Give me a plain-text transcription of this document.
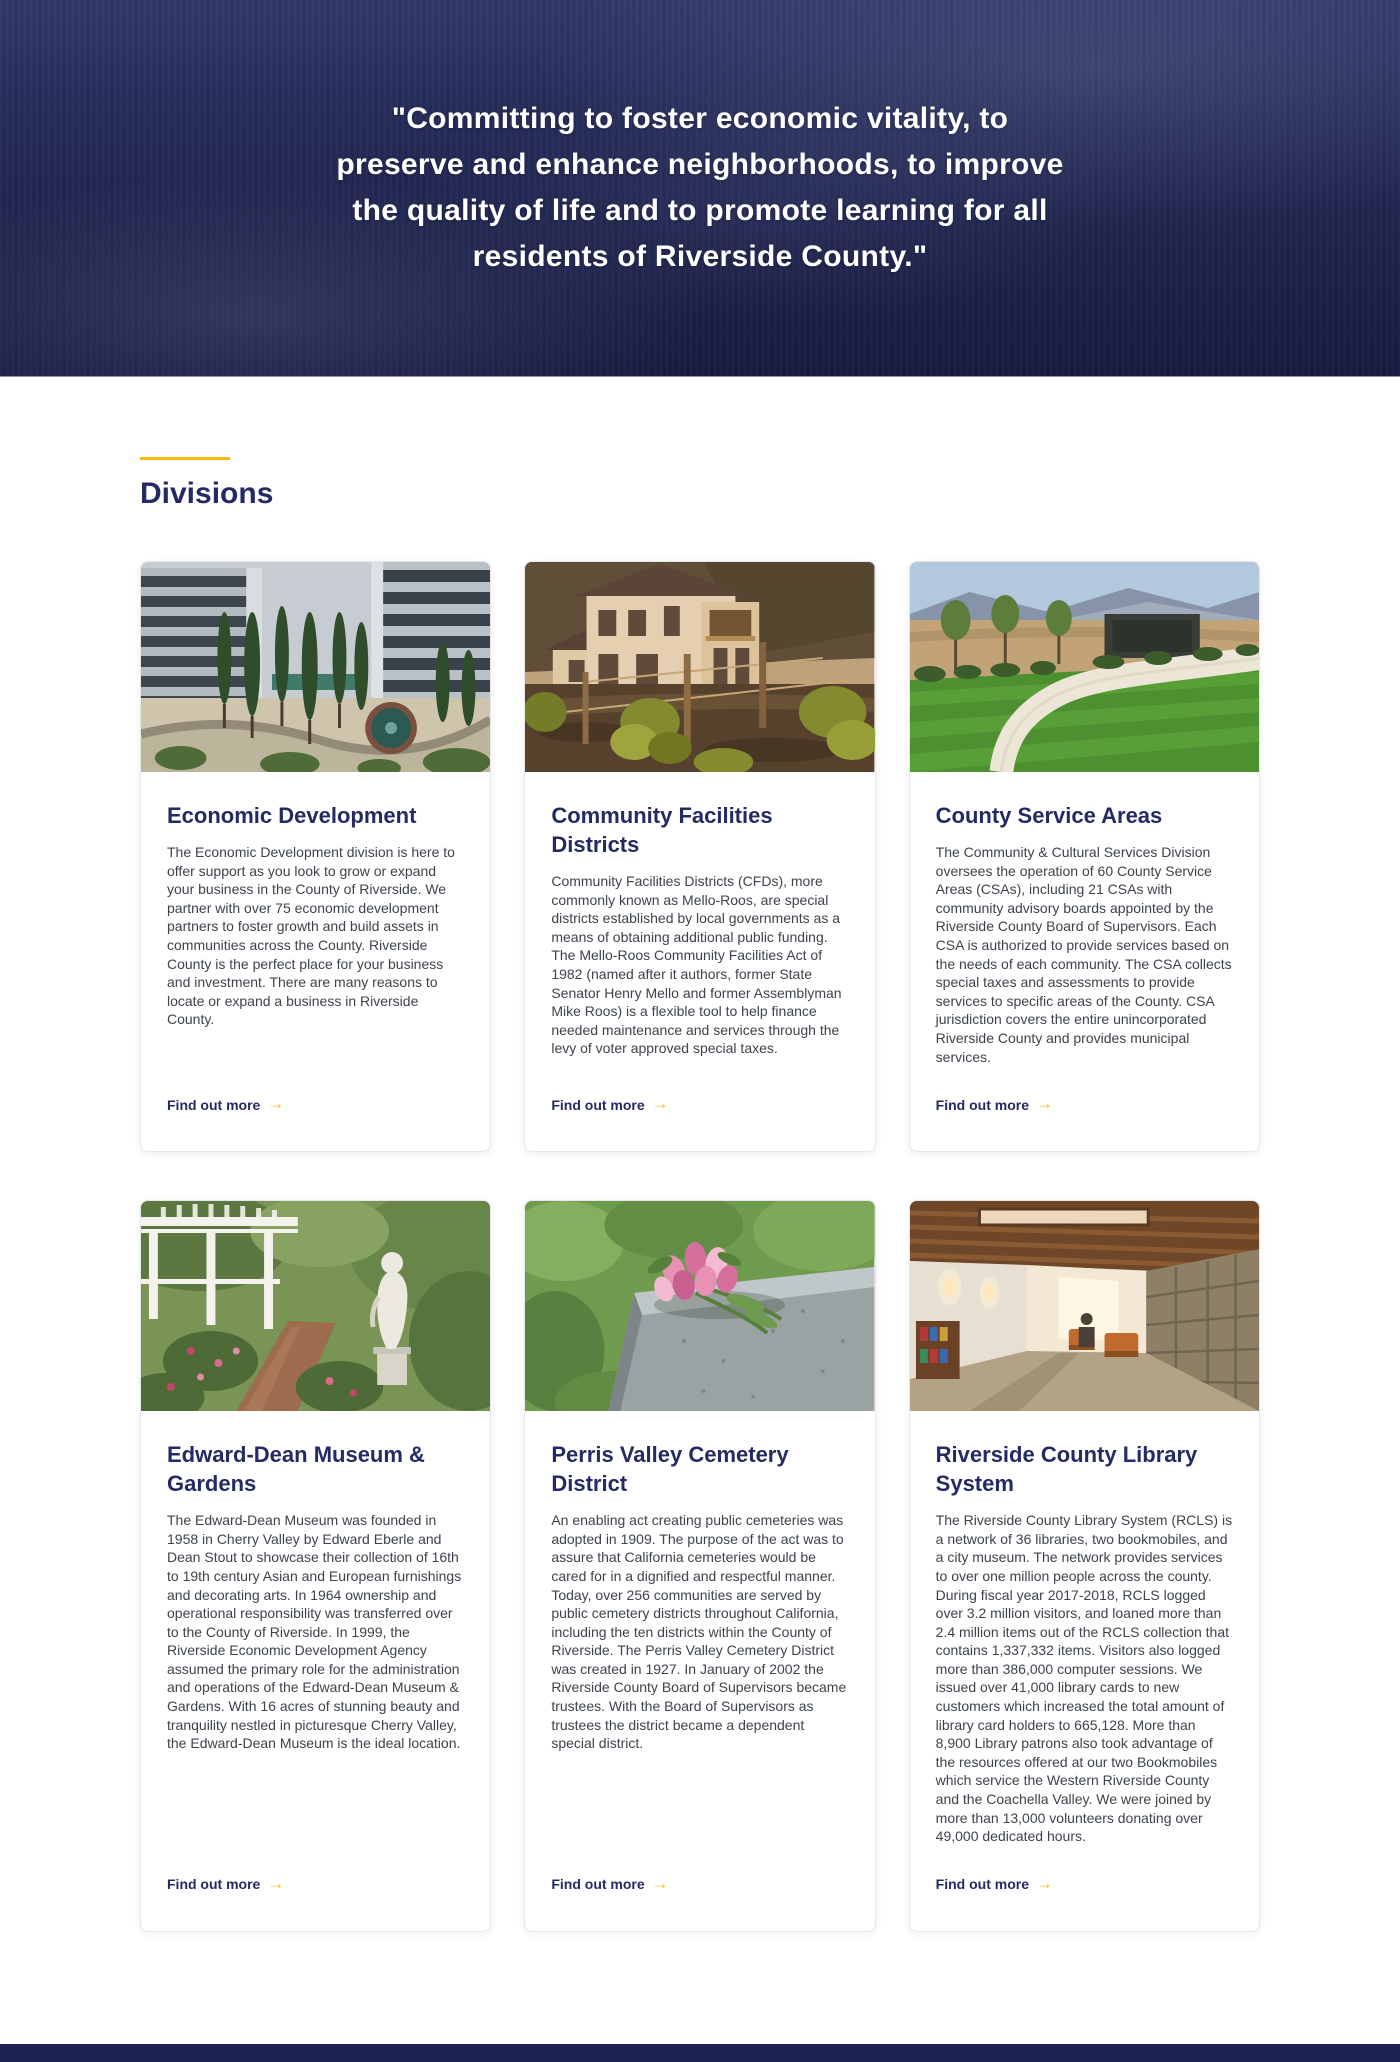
"Committing to foster economic vitality, to preserve and enhance neighborhoods, to improve the quality of life and to promote learning for all residents of Riverside County."
Divisions
Economic Development

The Economic Development division is here to offer support as you look to grow or expand your business in the County of Riverside. We partner with over 75 economic development partners to foster growth and build assets in communities across the County. Riverside County is the perfect place for your business and investment. There are many reasons to locate or expand a business in Riverside County.

Find out more →
Community Facilities Districts

Community Facilities Districts (CFDs), more commonly known as Mello-Roos, are special districts established by local governments as a means of obtaining additional public funding. The Mello-Roos Community Facilities Act of 1982 (named after it authors, former State Senator Henry Mello and former Assemblyman Mike Roos) is a flexible tool to help finance needed maintenance and services through the levy of voter approved special taxes.

Find out more →
County Service Areas

The Community & Cultural Services Division oversees the operation of 60 County Service Areas (CSAs), including 21 CSAs with community advisory boards appointed by the Riverside County Board of Supervisors. Each CSA is authorized to provide services based on the needs of each community. The CSA collects special taxes and assessments to provide services to specific areas of the County. CSA jurisdiction covers the entire unincorporated Riverside County and provides municipal services.

Find out more →
Edward-Dean Museum & Gardens

The Edward-Dean Museum was founded in 1958 in Cherry Valley by Edward Eberle and Dean Stout to showcase their collection of 16th to 19th century Asian and European furnishings and decorating arts. In 1964 ownership and operational responsibility was transferred over to the County of Riverside. In 1999, the Riverside Economic Development Agency assumed the primary role for the administration and operations of the Edward-Dean Museum & Gardens. With 16 acres of stunning beauty and tranquility nestled in picturesque Cherry Valley, the Edward-Dean Museum is the ideal location.

Find out more →
Perris Valley Cemetery District

An enabling act creating public cemeteries was adopted in 1909. The purpose of the act was to assure that California cemeteries would be cared for in a dignified and respectful manner. Today, over 256 communities are served by public cemetery districts throughout California, including the ten districts within the County of Riverside. The Perris Valley Cemetery District was created in 1927. In January of 2002 the Riverside County Board of Supervisors became trustees. With the Board of Supervisors as trustees the district became a dependent special district.

Find out more →
Riverside County Library System

The Riverside County Library System (RCLS) is a network of 36 libraries, two bookmobiles, and a city museum. The network provides services to over one million people across the county. During fiscal year 2017-2018, RCLS logged over 3.2 million visitors, and loaned more than 2.4 million items out of the RCLS collection that contains 1,337,332 items. Visitors also logged more than 386,000 computer sessions. We issued over 41,000 library cards to new customers which increased the total amount of library card holders to 665,128. More than 8,900 Library patrons also took advantage of the resources offered at our two Bookmobiles which service the Western Riverside County and the Coachella Valley. We were joined by more than 13,000 volunteers donating over 49,000 dedicated hours.

Find out more →
